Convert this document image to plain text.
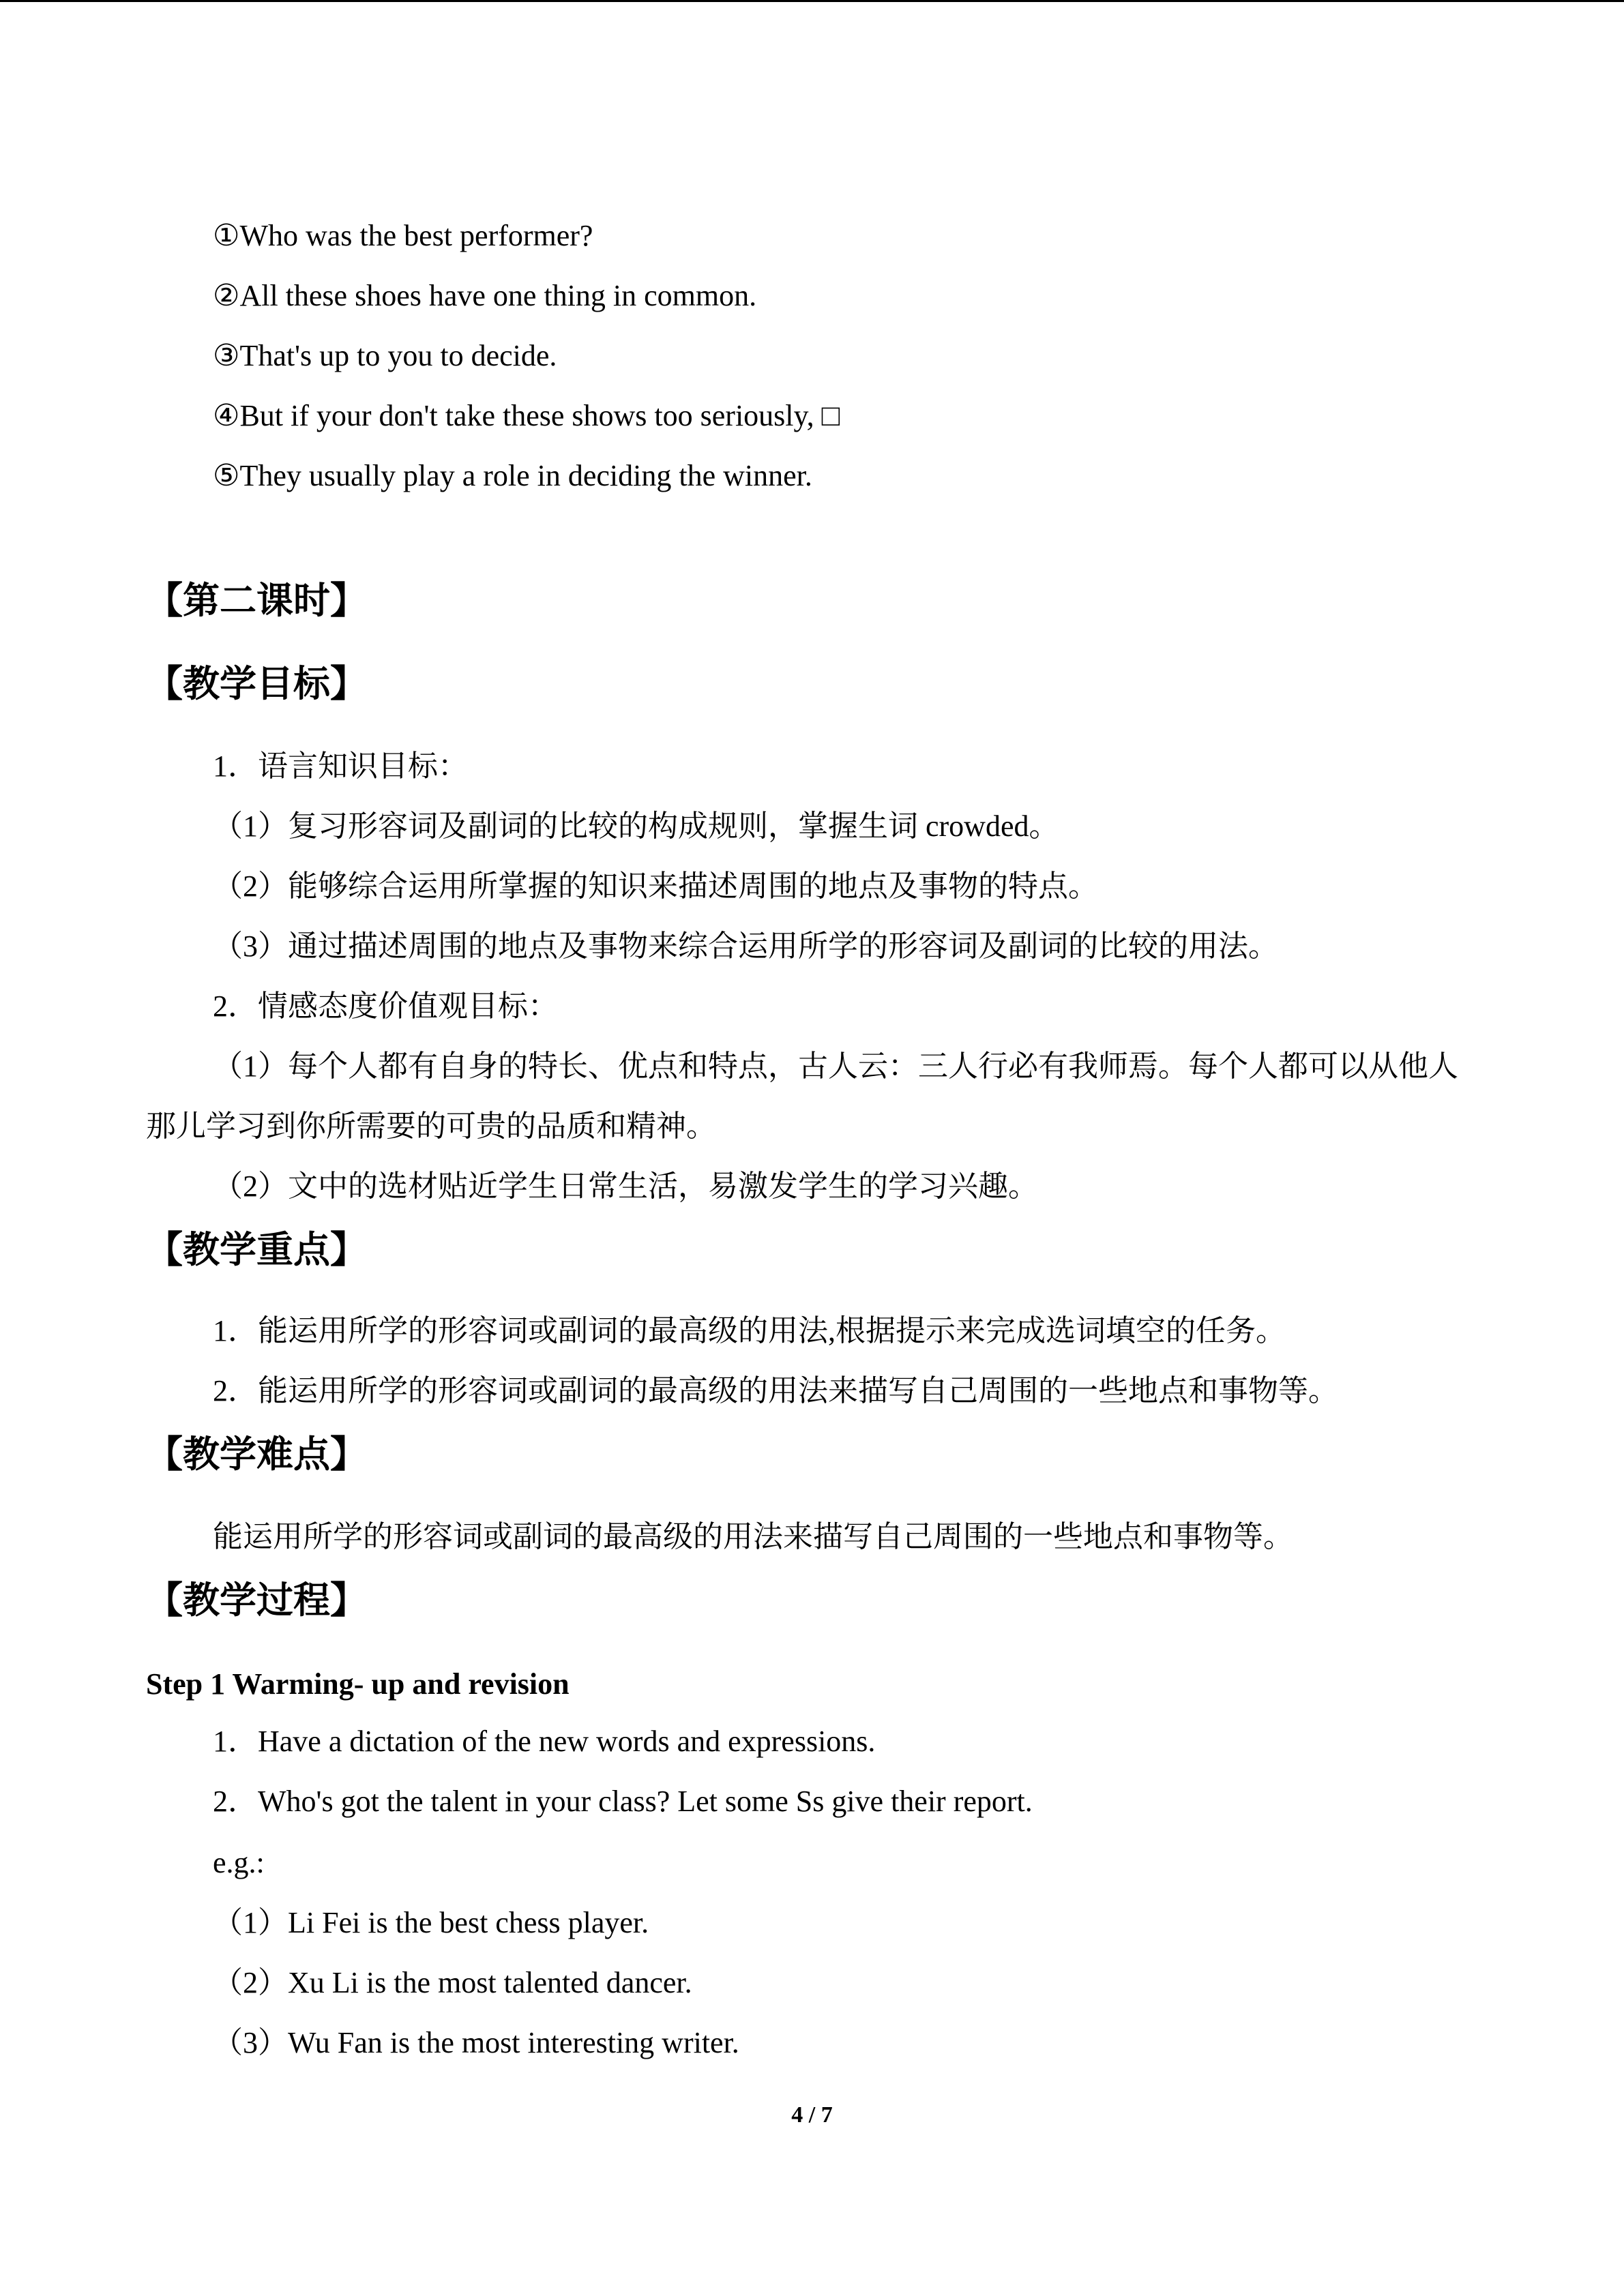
①Who was the best performer?
②All these shoes have one thing in common.
③That's up to you to decide.
④But if your don't take these shows too seriously, □
⑤They usually play a role in deciding the winner.
【第二课时】
【教学目标】
1．语言知识目标：
（1）复习形容词及副词的比较的构成规则，掌握生词 crowded。
（2）能够综合运用所掌握的知识来描述周围的地点及事物的特点。
（3）通过描述周围的地点及事物来综合运用所学的形容词及副词的比较的用法。
2．情感态度价值观目标：
（1）每个人都有自身的特长、优点和特点，古人云：三人行必有我师焉。每个人都可以从他人那儿学习到你所需要的可贵的品质和精神。
（2）文中的选材贴近学生日常生活，易激发学生的学习兴趣。
【教学重点】
1．能运用所学的形容词或副词的最高级的用法,根据提示来完成选词填空的任务。
2．能运用所学的形容词或副词的最高级的用法来描写自己周围的一些地点和事物等。
【教学难点】
能运用所学的形容词或副词的最高级的用法来描写自己周围的一些地点和事物等。
【教学过程】
Step 1 Warming- up and revision
1．Have a dictation of the new words and expressions.
2．Who's got the talent in your class? Let some Ss give their report.
e.g.:
（1）Li Fei is the best chess player.
（2）Xu Li is the most talented dancer.
（3）Wu Fan is the most interesting writer.
4 / 7
